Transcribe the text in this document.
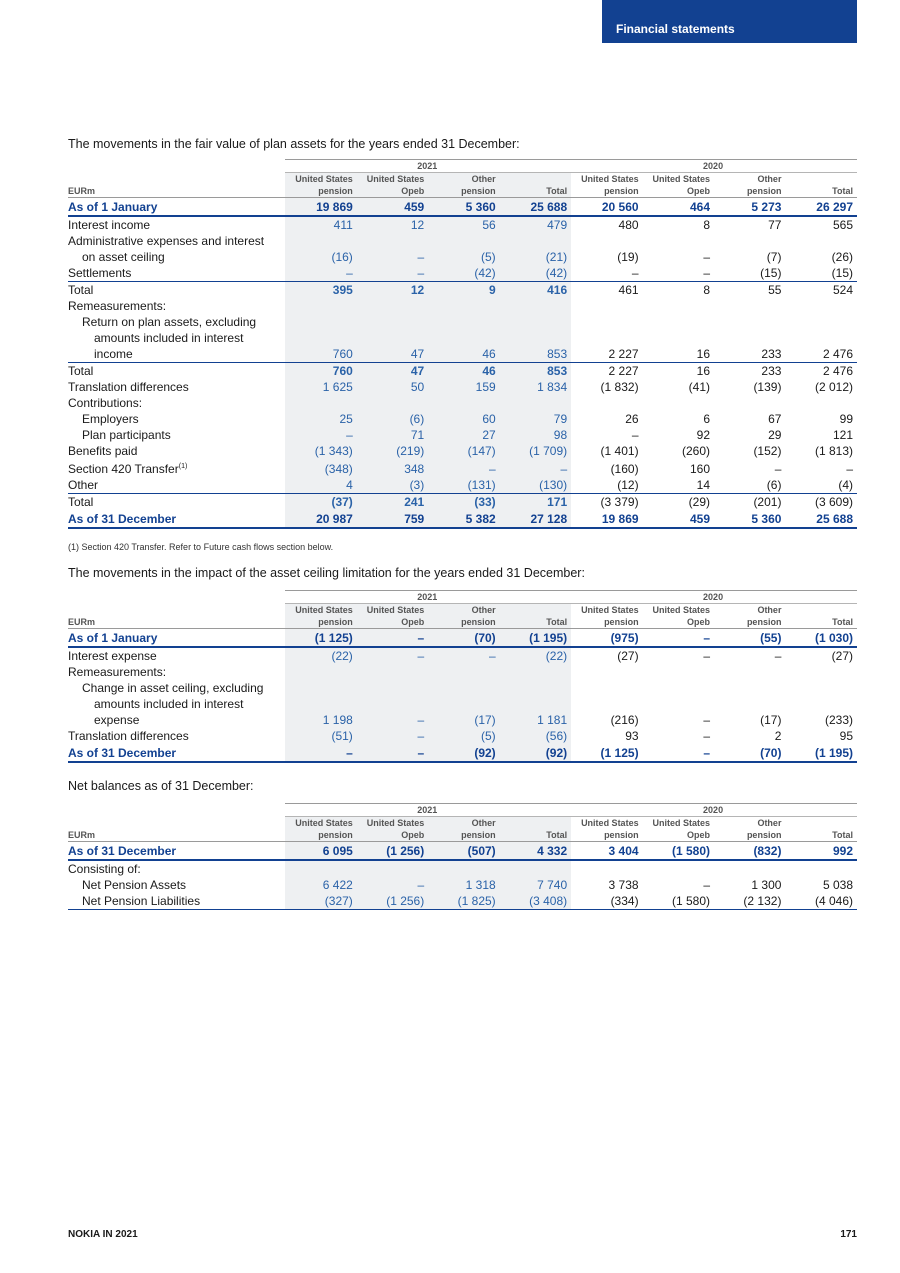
Financial statements
The movements in the fair value of plan assets for the years ended 31 December:
	2021				2020			
	United States	United States	Other		United States	United States	Other	
EURm	pension	Opeb	pension	Total	pension	Opeb	pension	Total
As of 1 January	19 869	459	5 360	25 688	20 560	464	5 273	26 297
Interest income	411	12	56	479	480	8	77	565
Administrative expenses and interest								
on asset ceiling	(16)	–	(5)	(21)	(19)	–	(7)	(26)
Settlements	–	–	(42)	(42)	–	–	(15)	(15)
Total	395	12	9	416	461	8	55	524
Remeasurements:								
Return on plan assets, excluding								
amounts included in interest								
income	760	47	46	853	2 227	16	233	2 476
Total	760	47	46	853	2 227	16	233	2 476
Translation differences	1 625	50	159	1 834	(1 832)	(41)	(139)	(2 012)
Contributions:								
Employers	25	(6)	60	79	26	6	67	99
Plan participants	–	71	27	98	–	92	29	121
Benefits paid	(1 343)	(219)	(147)	(1 709)	(1 401)	(260)	(152)	(1 813)
Section 420 Transfer$^{(1)}$	(348)	348	–	–	(160)	160	–	–
Other	4	(3)	(131)	(130)	(12)	14	(6)	(4)
Total	(37)	241	(33)	171	(3 379)	(29)	(201)	(3 609)
As of 31 December	20 987	759	5 382	27 128	19 869	459	5 360	25 688
(1) Section 420 Transfer. Refer to Future cash flows section below.
The movements in the impact of the asset ceiling limitation for the years ended 31 December:
	2021				2020			
	United States	United States	Other		United States	United States	Other	
EURm	pension	Opeb	pension	Total	pension	Opeb	pension	Total
As of 1 January	(1 125)	–	(70)	(1 195)	(975)	–	(55)	(1 030)
Interest expense	(22)	–	–	(22)	(27)	–	–	(27)
Remeasurements:								
Change in asset ceiling, excluding								
amounts included in interest								
expense	1 198	–	(17)	1 181	(216)	–	(17)	(233)
Translation differences	(51)	–	(5)	(56)	93	–	2	95
As of 31 December	–	–	(92)	(92)	(1 125)	–	(70)	(1 195)
Net balances as of 31 December:
	2021				2020			
	United States	United States	Other		United States	United States	Other	
EURm	pension	Opeb	pension	Total	pension	Opeb	pension	Total
As of 31 December	6 095	(1 256)	(507)	4 332	3 404	(1 580)	(832)	992
Consisting of:								
Net Pension Assets	6 422	–	1 318	7 740	3 738	–	1 300	5 038
Net Pension Liabilities	(327)	(1 256)	(1 825)	(3 408)	(334)	(1 580)	(2 132)	(4 046)
NOKIA IN 2021	171
